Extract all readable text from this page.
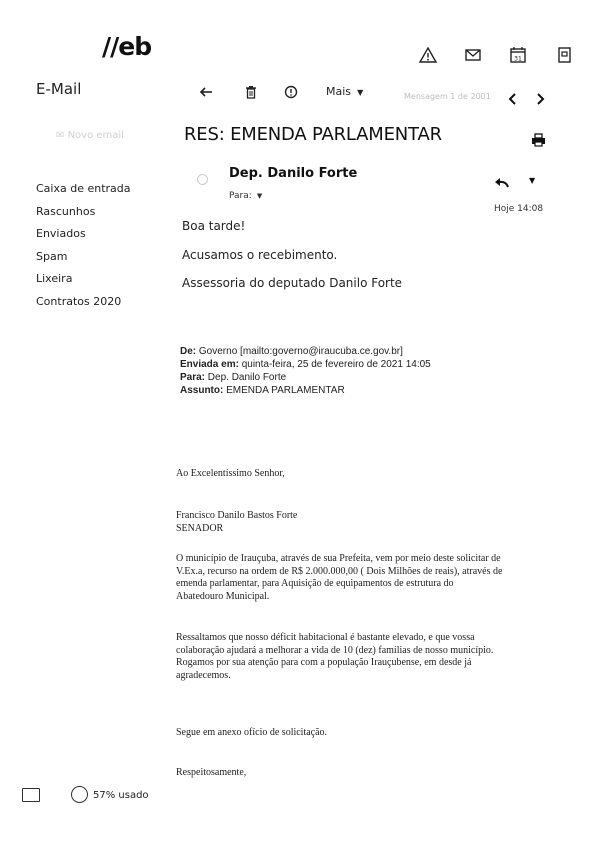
//eb	31
E-Mail
✉ Novo email
Caixa de entrada
Rascunhos
Enviados
Spam
Lixeira
Contratos 2020
Mais  ▼	Mensagem 1 de 2001
RES: EMENDA PARLAMENTAR
Dep. Danilo Forte
Para:  ▼
▼
Hoje 14:08
Boa tarde!
Acusamos o recebimento.
Assessoria do deputado Danilo Forte
De: Governo [mailto:governo@iraucuba.ce.gov.br]
Enviada em: quinta-feira, 25 de fevereiro de 2021 14:05
Para: Dep. Danilo Forte
Assunto: EMENDA PARLAMENTAR
Ao Excelentíssimo Senhor,
Francisco Danilo Bastos Forte
SENADOR
O município de Irauçuba, através de sua Prefeita, vem por meio deste solicitar de
V.Ex.a, recurso na ordem de R$ 2.000.000,00 ( Dois Milhões de reais), através de
emenda parlamentar, para Aquisição de equipamentos de estrutura do
Abatedouro Municipal.
Ressaltamos que nosso déficit habitacional é bastante elevado, e que vossa
colaboração ajudará a melhorar a vida de 10 (dez) famílias de nosso município.
Rogamos por sua atenção para com a população Irauçubense, em desde já
agradecemos.
Segue em anexo ofício de solicitação.
Respeitosamente,
57% usado
